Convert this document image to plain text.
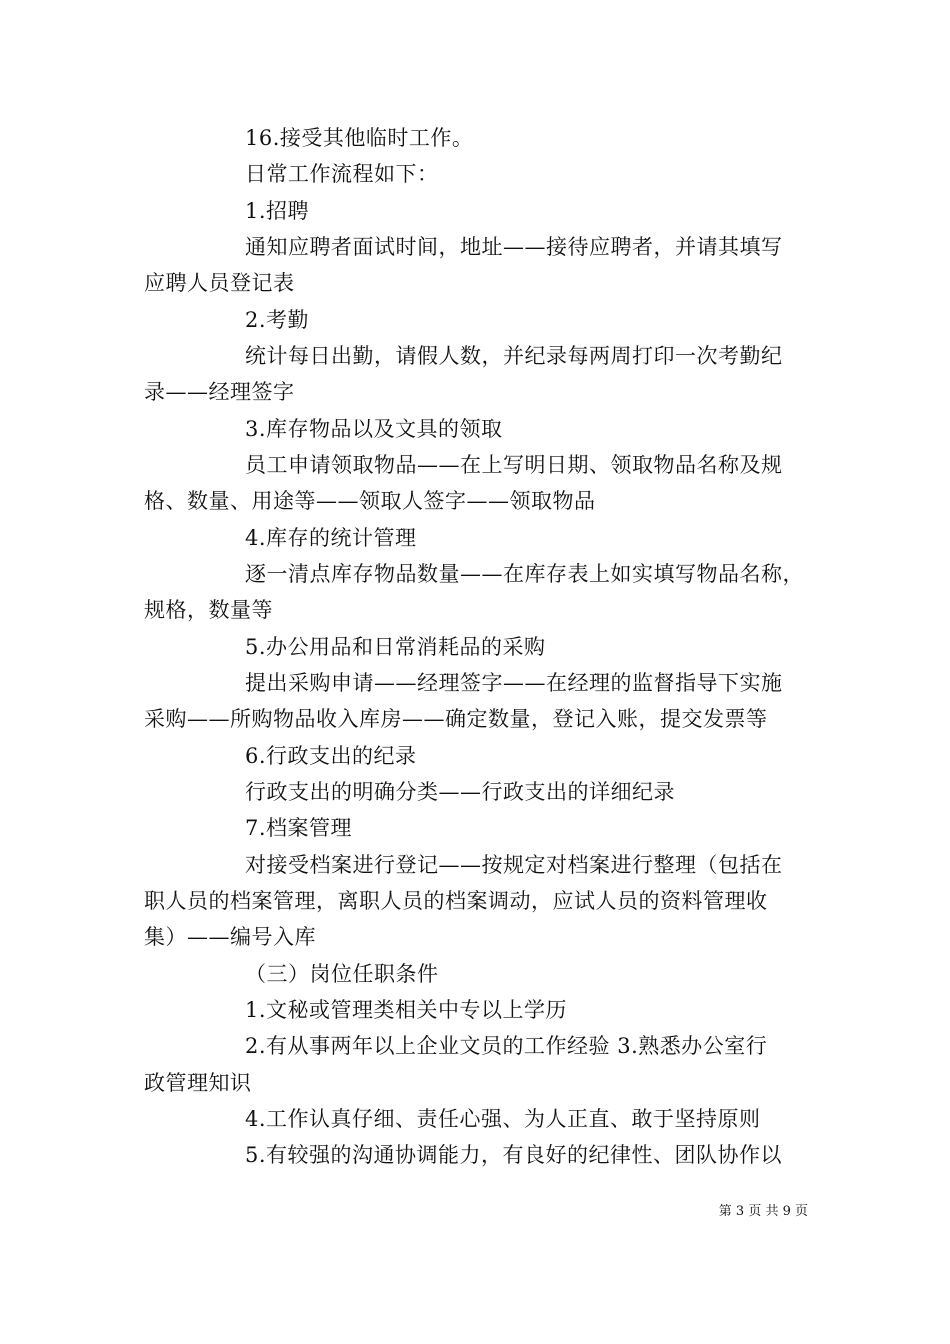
16.接受其他临时工作。
日常工作流程如下：
1.招聘
通知应聘者面试时间，地址——接待应聘者，并请其填写
应聘人员登记表
2.考勤
统计每日出勤，请假人数，并纪录每两周打印一次考勤纪
录——经理签字
3.库存物品以及文具的领取
员工申请领取物品——在上写明日期、领取物品名称及规
格、数量、用途等——领取人签字——领取物品
4.库存的统计管理
逐一清点库存物品数量——在库存表上如实填写物品名称，
规格，数量等
5.办公用品和日常消耗品的采购
提出采购申请——经理签字——在经理的监督指导下实施
采购——所购物品收入库房——确定数量，登记入账，提交发票等
6.行政支出的纪录
行政支出的明确分类——行政支出的详细纪录
7.档案管理
对接受档案进行登记——按规定对档案进行整理（包括在
职人员的档案管理，离职人员的档案调动，应试人员的资料管理收
集）——编号入库
（三）岗位任职条件
1.文秘或管理类相关中专以上学历
2.有从事两年以上企业文员的工作经验 3.熟悉办公室行
政管理知识
4.工作认真仔细、责任心强、为人正直、敢于坚持原则
5.有较强的沟通协调能力，有良好的纪律性、团队协作以
第 3 页 共 9 页
